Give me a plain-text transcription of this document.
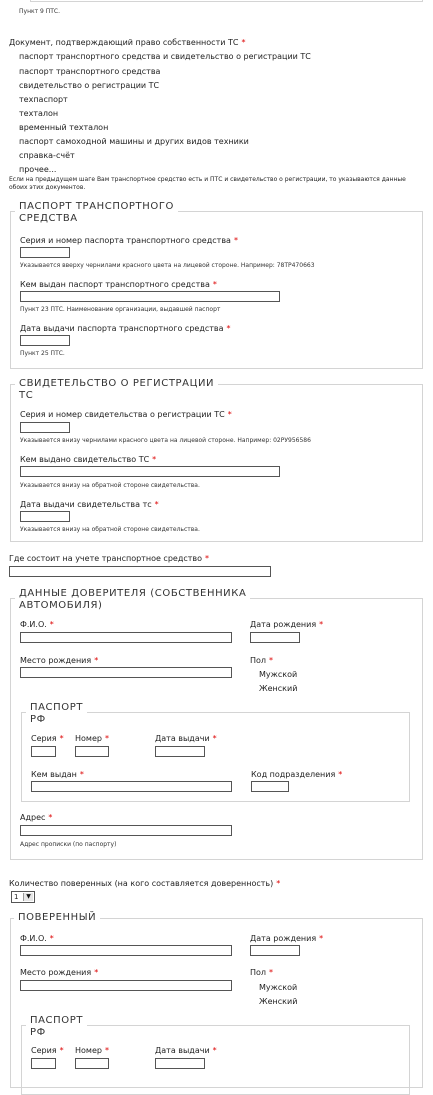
Пункт 9 ПТС.
Документ, подтверждающий право собственности ТС *
паспорт транспортного средства и свидетельство о регистрации ТС
паспорт транспортного средства
свидетельство о регистрации ТС
техпаспорт
техталон
временный техталон
паспорт самоходной машины и других видов техники
справка-счёт
прочее...
Если на предыдущем шаге Вам транспортное средство есть и ПТС и свидетельство о регистрации, то указываются данные обоих этих документов.
ПАСПОРТ ТРАНСПОРТНОГО
СРЕДСТВА
Серия и номер паспорта транспортного средства *
Указывается вверху чернилами красного цвета на лицевой стороне. Например: 78ТР470663
Кем выдан паспорт транспортного средства *
Пункт 23 ПТС. Наименование организации, выдавшей паспорт
Дата выдачи паспорта транспортного средства *
Пункт 25 ПТС.
СВИДЕТЕЛЬСТВО О РЕГИСТРАЦИИ
ТС
Серия и номер свидетельства о регистрации ТС *
Указывается внизу чернилами красного цвета на лицевой стороне. Например: 02РУ956586
Кем выдано свидетельство ТС *
Указывается внизу на обратной стороне свидетельства.
Дата выдачи свидетельства тс *
Указывается внизу на обратной стороне свидетельства.
Где состоит на учете транспортное средство *
ДАННЫЕ ДОВЕРИТЕЛЯ (СОБСТВЕННИКА
АВТОМОБИЛЯ)
Ф.И.О. *	Дата рождения *
Место рождения *	Пол *
Мужской
Женский
ПАСПОРТ
РФ
Серия * Номер *	Дата выдачи *
Кем выдан *	Код подразделения *
Адрес *
Адрес прописки (по паспорту)
Количество поверенных (на кого составляется доверенность) *
1	▼
ПОВЕРЕННЫЙ
Ф.И.О. *	Дата рождения *
Место рождения *	Пол *
Мужской
Женский
ПАСПОРТ
РФ
Серия * Номер *	Дата выдачи *
